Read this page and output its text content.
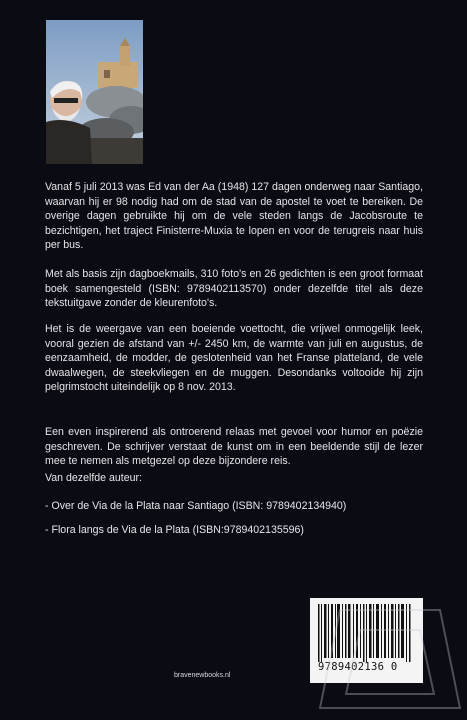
Vanaf 5 juli 2013 was Ed van der Aa (1948) 127 dagen onderweg naar Santiago, waarvan hij er 98 nodig had om de stad van de apostel te voet te bereiken. De overige dagen gebruikte hij om de vele steden langs de Jacobsroute te bezichtigen, het traject Finisterre-Muxia te lopen en voor de terugreis naar huis per bus.

Met als basis zijn dagboekmails, 310 foto's en 26 gedichten is een groot formaat boek samengesteld (ISBN: 9789402113570) onder dezelfde titel als deze tekstuitgave zonder de kleurenfoto's.

Het is de weergave van een boeiende voettocht, die vrijwel onmogelijk leek, vooral gezien de afstand van +/- 2450 km, de warmte van juli en augustus, de eenzaamheid, de modder, de geslotenheid van het Franse platteland, de vele dwaalwegen, de steekvliegen en de muggen. Desondanks voltooide hij zijn pelgrimstocht uiteindelijk op 8 nov. 2013.

Een even inspirerend als ontroerend relaas met gevoel voor humor en poëzie geschreven. De schrijver verstaat de kunst om in een beeldende stijl de lezer mee te nemen als metgezel op deze bijzondere reis.

Van dezelfde auteur:
- Over de Via de la Plata naar Santiago (ISBN: 9789402134940)
- Flora langs de Via de la Plata (ISBN:9789402135596)
9789402136 0
bravenewbooks.nl
